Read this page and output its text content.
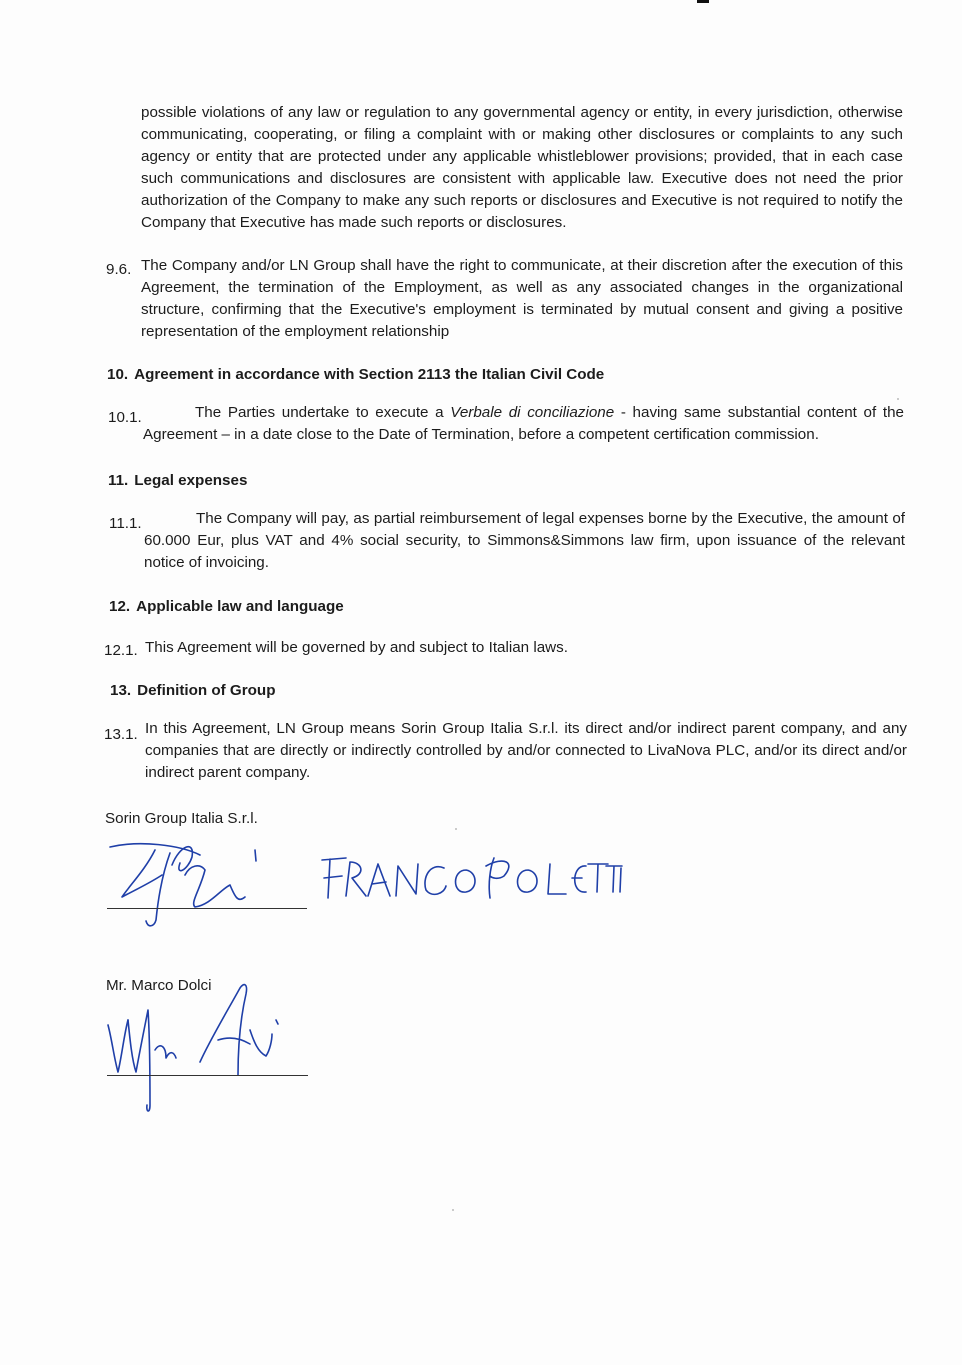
possible violations of any law or regulation to any governmental agency or entity, in every jurisdiction, otherwise communicating, cooperating, or filing a complaint with or making other disclosures or complaints to any such agency or entity that are protected under any applicable whistleblower provisions; provided, that in each case such communications and disclosures are consistent with applicable law. Executive does not need the prior authorization of the Company to make any such reports or disclosures and Executive is not required to notify the Company that Executive has made such reports or disclosures.
9.6. The Company and/or LN Group shall have the right to communicate, at their discretion after the execution of this Agreement, the termination of the Employment, as well as any associated changes in the organizational structure, confirming that the Executive's employment is terminated by mutual consent and giving a positive representation of the employment relationship
10. Agreement in accordance with Section 2113 the Italian Civil Code
10.1.	The Parties undertake to execute a Verbale di conciliazione - having same substantial content of the Agreement – in a date close to the Date of Termination, before a competent certification commission.
11. Legal expenses
11.1.	The Company will pay, as partial reimbursement of legal expenses borne by the Executive, the amount of 60.000 Eur, plus VAT and 4% social security, to Simmons&Simmons law firm, upon issuance of the relevant notice of invoicing.
12. Applicable law and language
12.1. This Agreement will be governed by and subject to Italian laws.
13. Definition of Group
13.1. In this Agreement, LN Group means Sorin Group Italia S.r.l. its direct and/or indirect parent company, and any companies that are directly or indirectly controlled by and/or connected to LivaNova PLC, and/or its direct and/or indirect parent company.
Sorin Group Italia S.r.l.
Mr. Marco Dolci
